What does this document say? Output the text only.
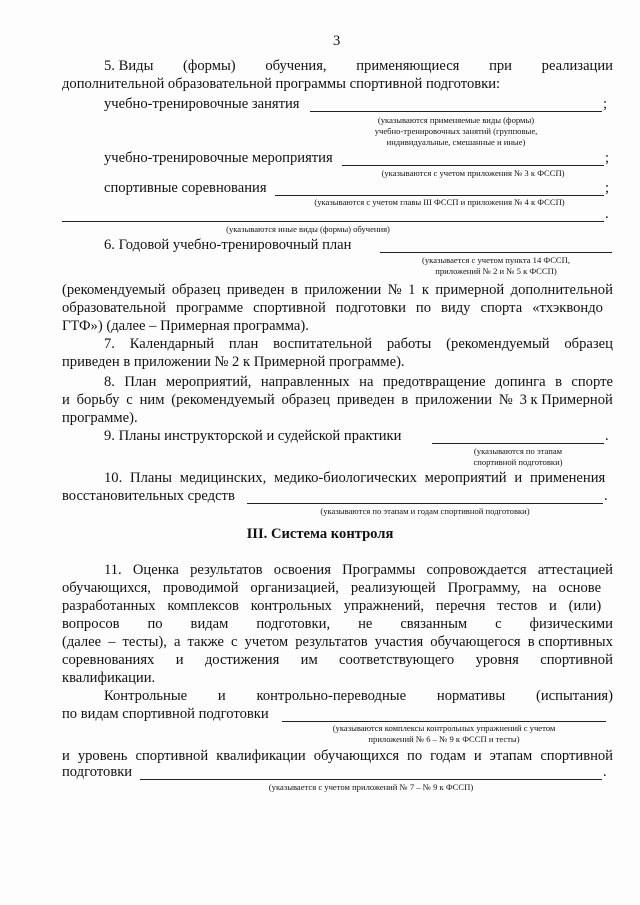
3
5. Виды (формы) обучения, применяющиеся при реализации
дополнительной образовательной программы спортивной подготовки:
учебно-тренировочные занятия	;
(указываются применяемые виды (формы)
учебно-тренировочных занятий (групповые,
индивидуальные, смешанные и иные)
учебно-тренировочные мероприятия	;
(указываются с учетом приложения № 3 к ФССП)
спортивные соревнования	;
(указываются с учетом главы III ФССП и приложения № 4 к ФССП)
.
(указываются иные виды (формы) обучения)
6. Годовой учебно-тренировочный план
(указывается с учетом пункта 14 ФССП,
приложений № 2 и № 5 к ФССП)
(рекомендуемый образец приведен в приложении № 1 к примерной дополнительной
образовательной программе спортивной подготовки по виду спорта «тхэквондо
ГТФ») (далее – Примерная программа).
7. Календарный план воспитательной работы (рекомендуемый образец
приведен в приложении № 2 к Примерной программе).
8. План мероприятий, направленных на предотвращение допинга в спорте
и борьбу с ним (рекомендуемый образец приведен в приложении № 3 к Примерной
программе).
9. Планы инструкторской и судейской практики	.
(указываются по этапам
спортивной подготовки)
10. Планы медицинских, медико-биологических мероприятий и применения
восстановительных средств	.
(указываются по этапам и годам спортивной подготовки)
III. Система контроля
11. Оценка результатов освоения Программы сопровождается аттестацией
обучающихся, проводимой организацией, реализующей Программу, на основе
разработанных комплексов контрольных упражнений, перечня тестов и (или)
вопросов по видам подготовки, не связанным с физическими
(далее – тесты), а также с учетом результатов участия обучающегося в спортивных
соревнованиях и достижения им соответствующего уровня спортивной
квалификации.
Контрольные и контрольно-переводные нормативы (испытания)
по видам спортивной подготовки
(указываются комплексы контрольных упражнений с учетом
приложений № 6 – № 9 к ФССП и тесты)
и уровень спортивной квалификации обучающихся по годам и этапам спортивной
подготовки	.
(указывается с учетом приложений № 7 – № 9 к ФССП)
